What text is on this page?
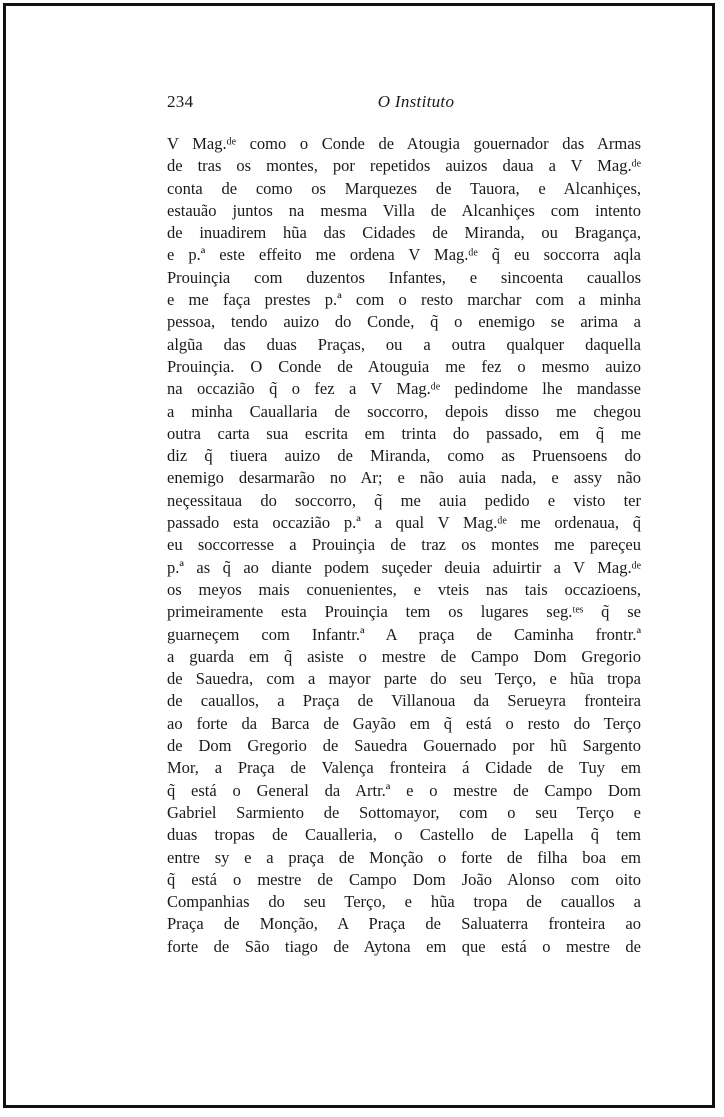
234	O Instituto
V Mag.ᵈᵉ como o Conde de Atougia gouernador das Armas
de tras os montes, por repetidos auizos daua a V Mag.ᵈᵉ
conta de como os Marquezes de Tauora, e Alcanhiçes,
estauão juntos na mesma Villa de Alcanhiçes com intento
de inuadirem hũa das Cidades de Miranda, ou Bragança,
e p.ª este effeito me ordena V Mag.ᵈᵉ q̃ eu soccorra aqla
Prouinçia com duzentos Infantes, e sincoenta cauallos
e me faça prestes p.ª com o resto marchar com a minha
pessoa, tendo auizo do Conde, q̃ o enemigo se arima a
algũa das duas Praças, ou a outra qualquer daquella
Prouinçia. O Conde de Atouguia me fez o mesmo auizo
na occazião q̃ o fez a V Mag.ᵈᵉ pedindome lhe mandasse
a minha Cauallaria de soccorro, depois disso me chegou
outra carta sua escrita em trinta do passado, em q̃ me
diz q̃ tiuera auizo de Miranda, como as Pruensoens do
enemigo desarmarão no Ar; e não auia nada, e assy não
neçessitaua do soccorro, q̃ me auia pedido e visto ter
passado esta occazião p.ª a qual V Mag.ᵈᵉ me ordenaua, q̃
eu soccorresse a Prouinçia de traz os montes me pareçeu
p.ª as q̃ ao diante podem suçeder deuia aduirtir a V Mag.ᵈᵉ
os meyos mais conuenientes, e vteis nas tais occazioens,
primeiramente esta Prouinçia tem os lugares seg.ᵗᵉˢ q̃ se
guarneçem com Infantr.ª A praça de Caminha frontr.ª
a guarda em q̃ asiste o mestre de Campo Dom Gregorio
de Sauedra, com a mayor parte do seu Terço, e hũa tropa
de cauallos, a Praça de Villanoua da Serueyra fronteira
ao forte da Barca de Gayão em q̃ está o resto do Terço
de Dom Gregorio de Sauedra Gouernado por hũ Sargento
Mor, a Praça de Valença fronteira á Cidade de Tuy em
q̃ está o General da Artr.ª e o mestre de Campo Dom
Gabriel Sarmiento de Sottomayor, com o seu Terço e
duas tropas de Caualleria, o Castello de Lapella q̃ tem
entre sy e a praça de Monção o forte de filha boa em
q̃ está o mestre de Campo Dom João Alonso com oito
Companhias do seu Terço, e hũa tropa de cauallos a
Praça de Monção, A Praça de Saluaterra fronteira ao
forte de São tiago de Aytona em que está o mestre de
